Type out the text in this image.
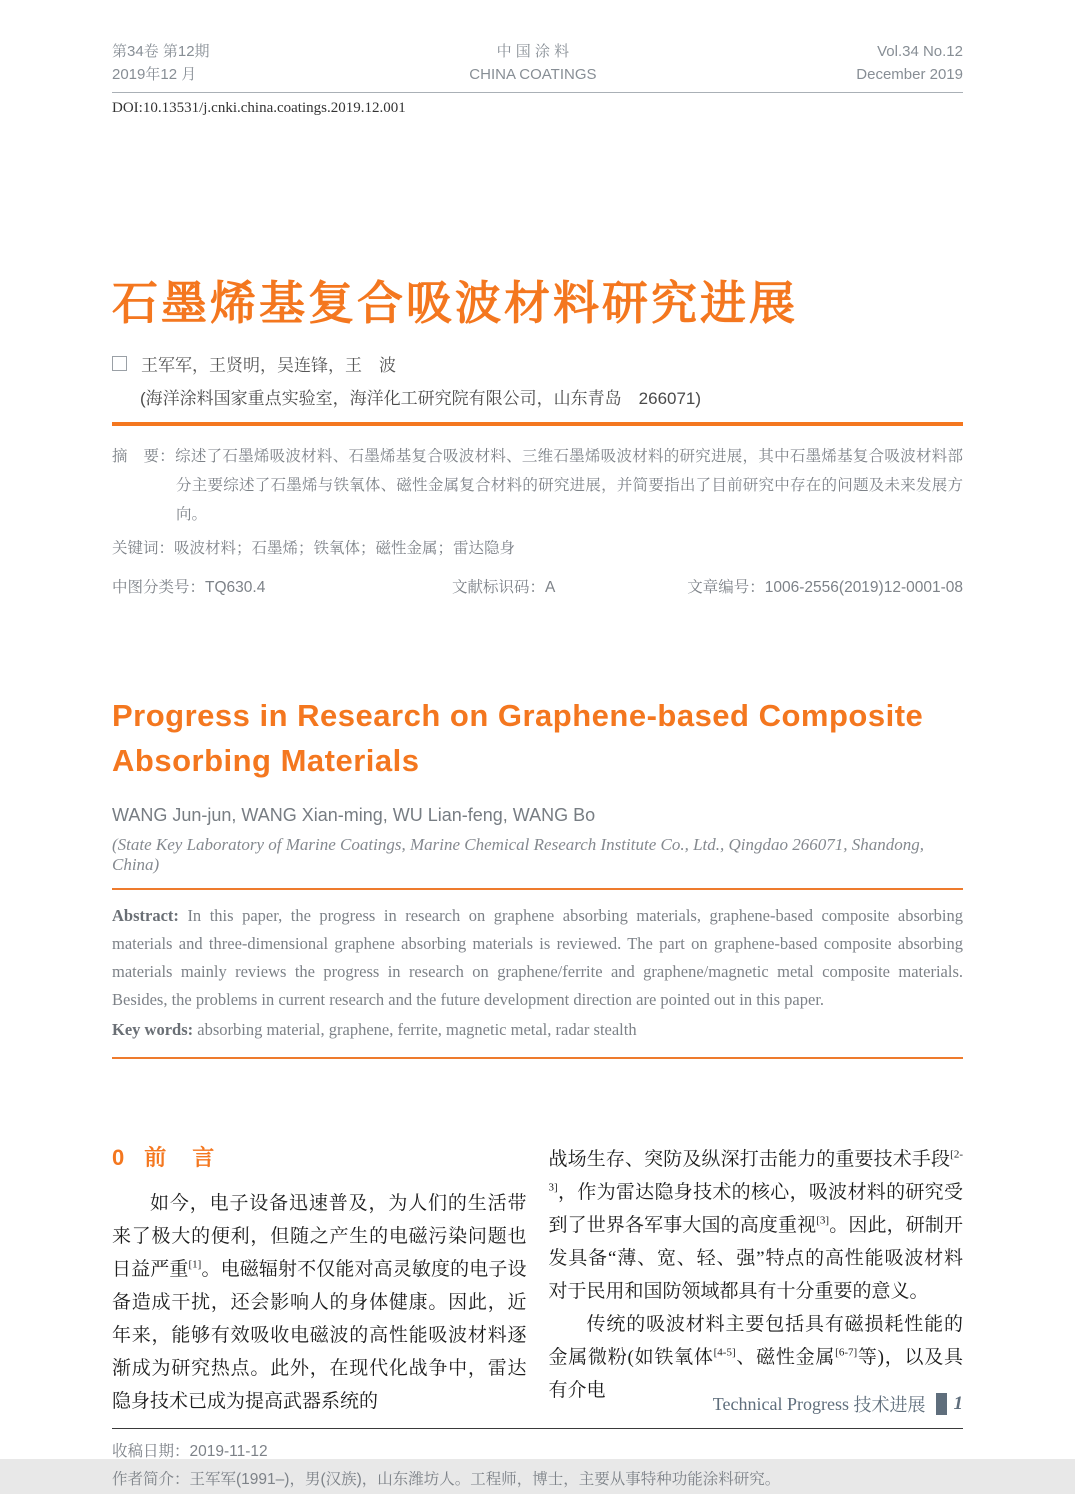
第34卷 第12期
2019年12 月
中 国 涂 料
CHINA COATINGS
Vol.34 No.12
December 2019
DOI:10.13531/j.cnki.china.coatings.2019.12.001
石墨烯基复合吸波材料研究进展
王军军，王贤明，吴连锋，王　波
(海洋涂料国家重点实验室，海洋化工研究院有限公司，山东青岛　266071)

摘　要：综述了石墨烯吸波材料、石墨烯基复合吸波材料、三维石墨烯吸波材料的研究进展，其中石墨烯基复合吸波材料部分主要综述了石墨烯与铁氧体、磁性金属复合材料的研究进展，并简要指出了目前研究中存在的问题及未来发展方向。

关键词：吸波材料；石墨烯；铁氧体；磁性金属；雷达隐身
中图分类号：TQ630.4	文献标识码：A	文章编号：1006-2556(2019)12-0001-08
Progress in Research on Graphene-based Composite Absorbing Materials
WANG Jun-jun, WANG Xian-ming, WU Lian-feng, WANG Bo
(State Key Laboratory of Marine Coatings, Marine Chemical Research Institute Co., Ltd., Qingdao 266071, Shandong, China)
Abstract: In this paper, the progress in research on graphene absorbing materials, graphene-based composite absorbing materials and three-dimensional graphene absorbing materials is reviewed. The part on graphene-based composite absorbing materials mainly reviews the progress in research on graphene/ferrite and graphene/magnetic metal composite materials. Besides, the problems in current research and the future development direction are pointed out in this paper.
Key words: absorbing material, graphene, ferrite, magnetic metal, radar stealth
0 前　言

如今，电子设备迅速普及，为人们的生活带来了极大的便利，但随之产生的电磁污染问题也日益严重[1]。电磁辐射不仅能对高灵敏度的电子设备造成干扰，还会影响人的身体健康。因此，近年来，能够有效吸收电磁波的高性能吸波材料逐渐成为研究热点。此外，在现代化战争中，雷达隐身技术已成为提高武器系统的

战场生存、突防及纵深打击能力的重要技术手段[2-3]，作为雷达隐身技术的核心，吸波材料的研究受到了世界各军事大国的高度重视[3]。因此，研制开发具备“薄、宽、轻、强”特点的高性能吸波材料对于民用和国防领域都具有十分重要的意义。

传统的吸波材料主要包括具有磁损耗性能的金属微粉(如铁氧体[4-5]、磁性金属[6-7]等)，以及具有介电

收稿日期：2019-11-12
作者简介：王军军(1991–)，男(汉族)，山东潍坊人。工程师，博士，主要从事特种功能涂料研究。
Technical Progress
技术进展 1
